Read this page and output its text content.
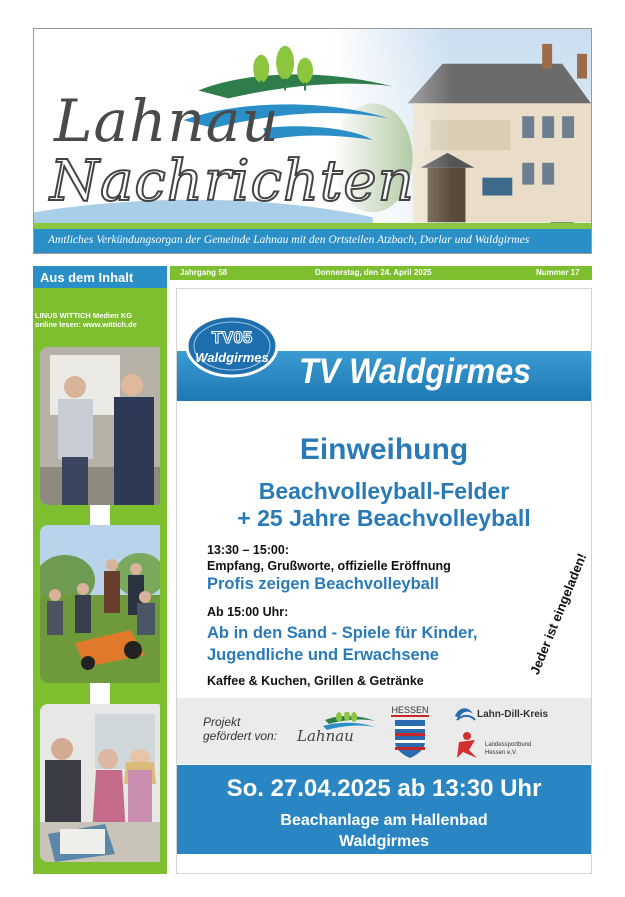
Lahnau
Nachrichten
Amtliches Verkündungsorgan der Gemeinde Lahnau mit den Ortsteilen Atzbach, Dorlar und Waldgirmes
Aus dem Inhalt
LINUS WITTICH Medien KG
online lesen: www.wittich.de
Jahrgang 58	Donnerstag, den 24. April 2025	Nummer 17
TV Waldgirmes
TV05
Waldgirmes
Einweihung
Beachvolleyball-Felder
+ 25 Jahre Beachvolleyball
13:30 – 15:00:
Empfang, Grußworte, offizielle Eröffnung
Profis zeigen Beachvolleyball
Ab 15:00 Uhr:
Ab in den Sand - Spiele für Kinder,
Jugendliche und Erwachsene
Kaffee & Kuchen, Grillen & Getränke
Jeder ist eingeladen!
Projekt
gefördert von: Lahnau
HESSEN	Lahn-Dill-Kreis
Landessportbund
Hessen e.V.
So. 27.04.2025 ab 13:30 Uhr
Beachanlage am Hallenbad
Waldgirmes
